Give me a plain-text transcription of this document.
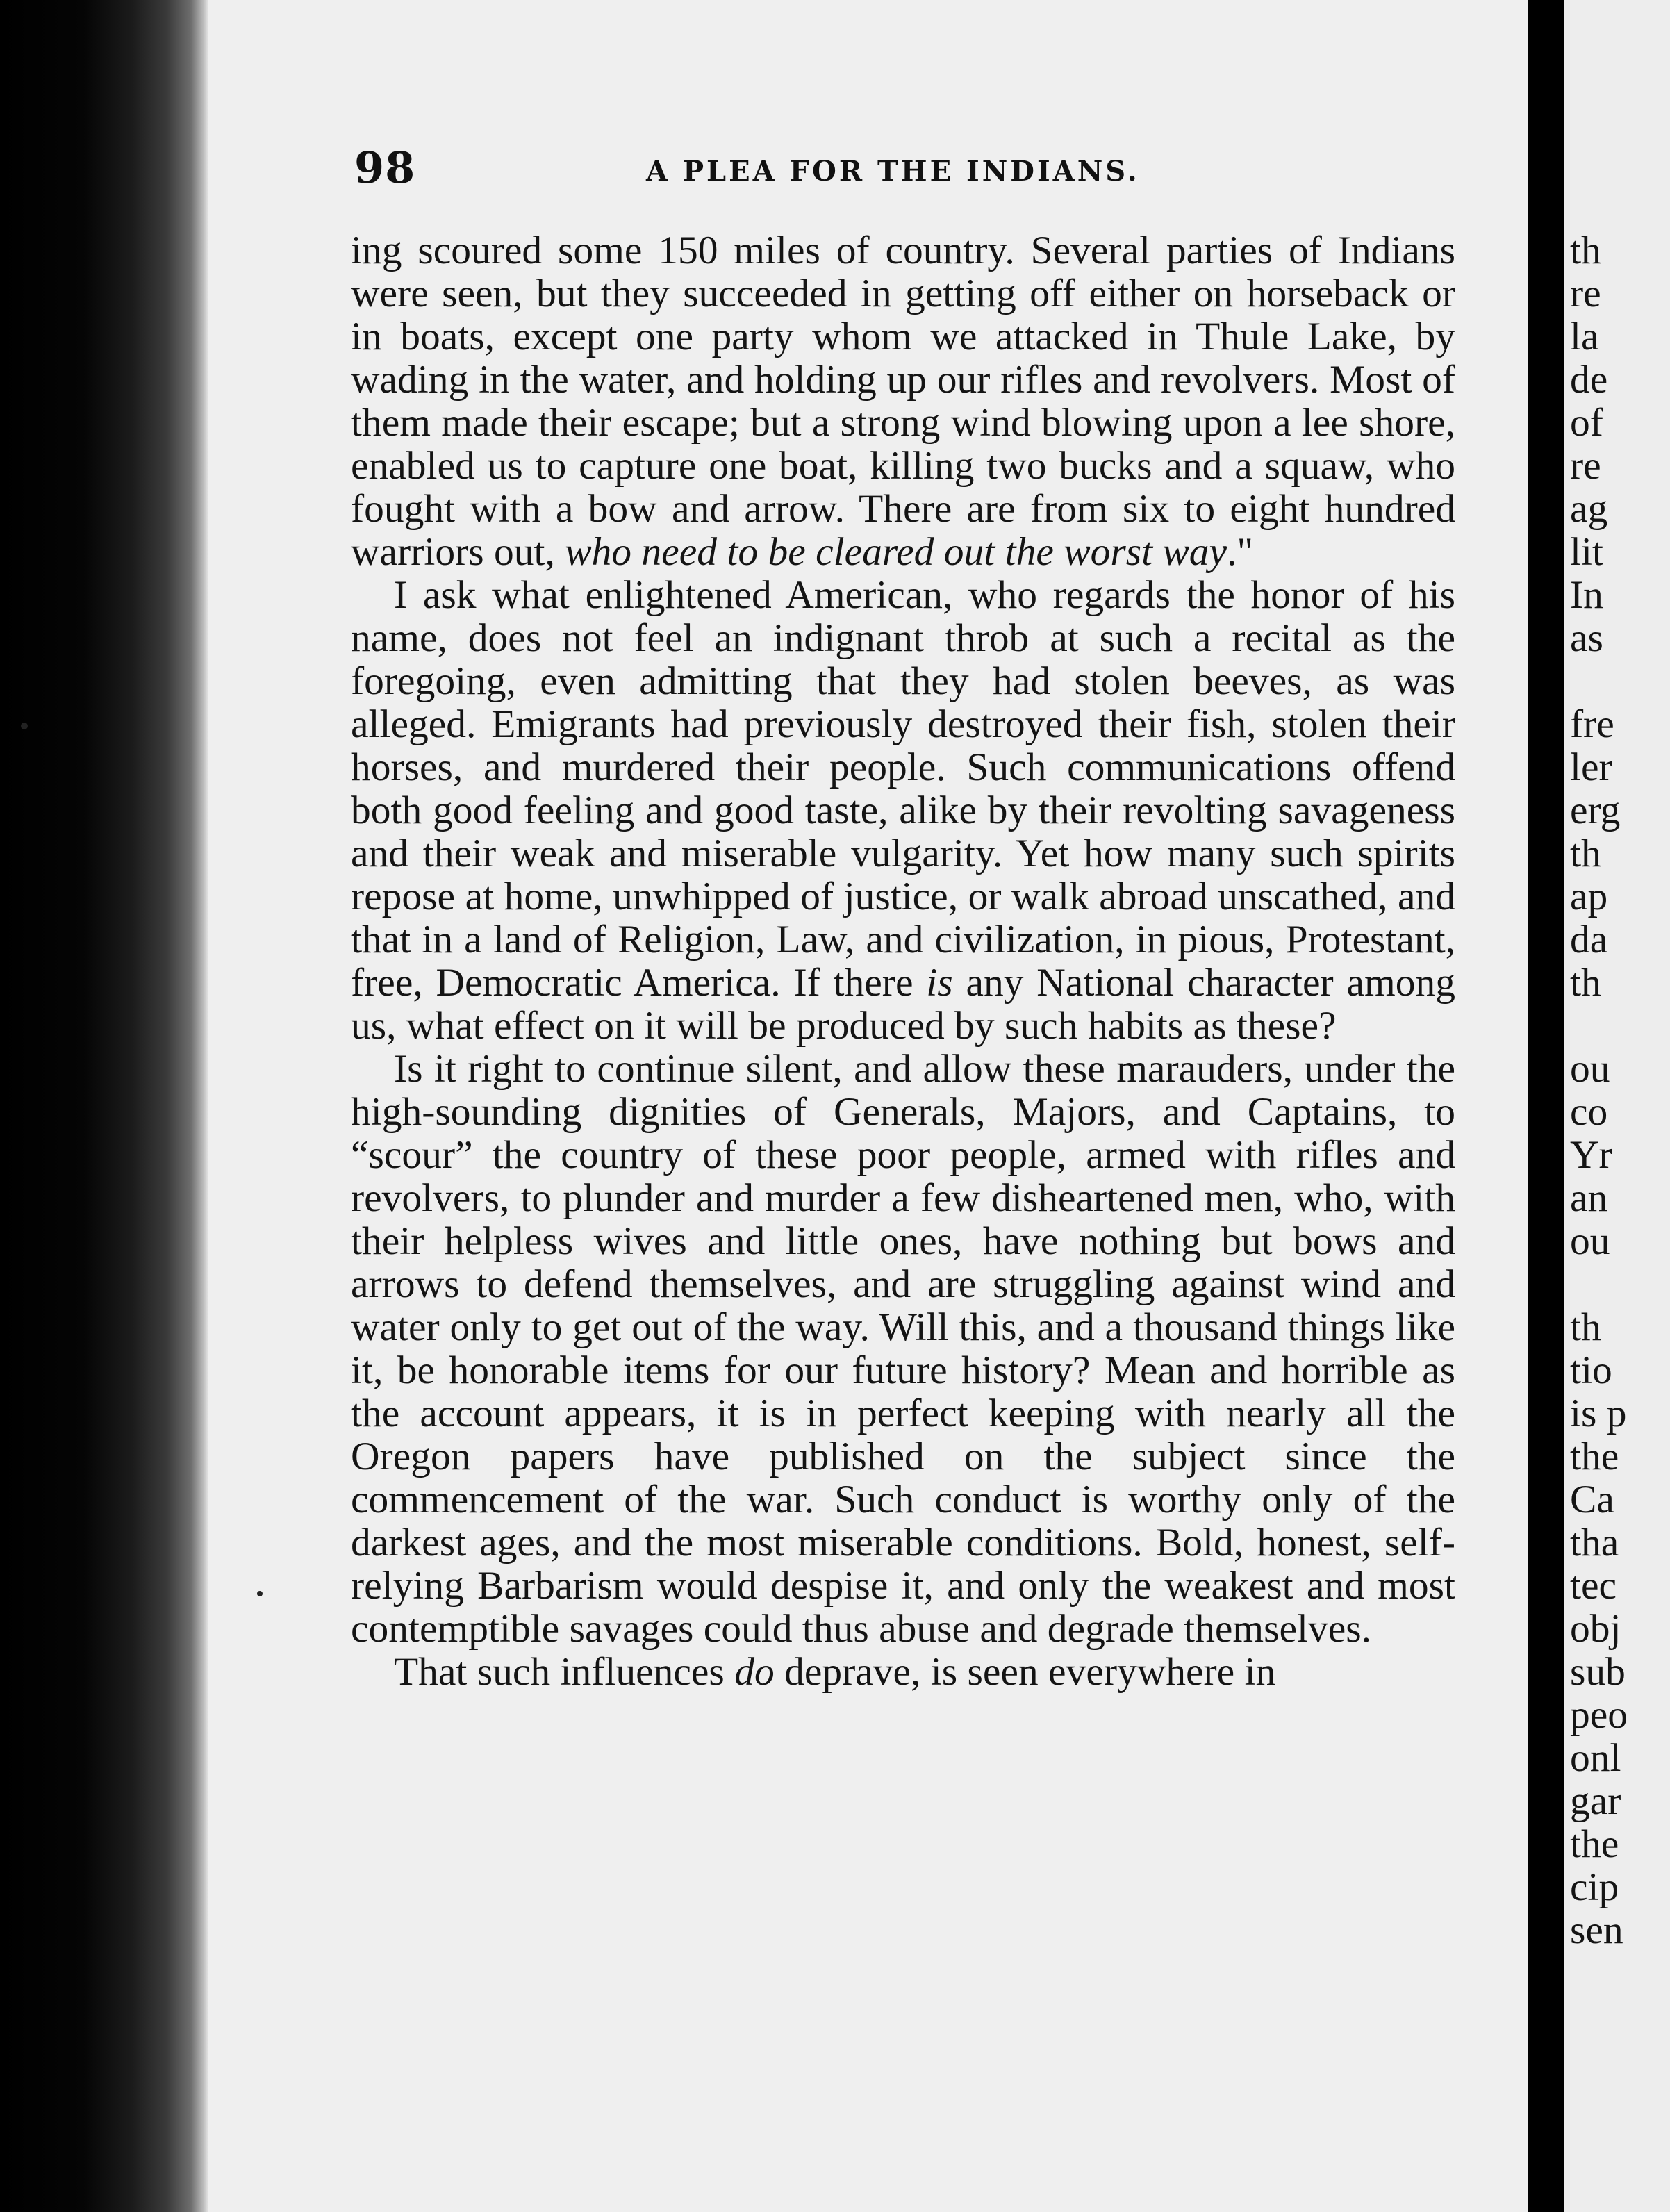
th
re
la
de
of
re
ag
lit
In
as
fre
ler
erg
th
ap
da
th
ou
co
Yr
an
ou
th
tio
is p
the
Ca
tha
tec
obj
sub
peo
onl
gar
the
cip
sen
98	A PLEA FOR THE INDIANS.

ing scoured some 150 miles of country. Several parties of Indians were seen, but they succeeded in getting off either on horseback or in boats, except one party whom we attacked in Thule Lake, by wading in the water, and holding up our rifles and revolvers. Most of them made their escape; but a strong wind blowing upon a lee shore, enabled us to capture one boat, killing two bucks and a squaw, who fought with a bow and arrow. There are from six to eight hundred warriors out, who need to be cleared out the worst way."

I ask what enlightened American, who regards the honor of his name, does not feel an indignant throb at such a recital as the foregoing, even admitting that they had stolen beeves, as was alleged. Emigrants had previously destroyed their fish, stolen their horses, and murdered their people. Such communications offend both good feeling and good taste, alike by their revolting savageness and their weak and miserable vulgarity. Yet how many such spirits repose at home, unwhipped of justice, or walk abroad unscathed, and that in a land of Religion, Law, and civilization, in pious, Protestant, free, Democratic America. If there is any National character among us, what effect on it will be produced by such habits as these?

Is it right to continue silent, and allow these marauders, under the high-sounding dignities of Generals, Majors, and Captains, to “scour” the country of these poor people, armed with rifles and revolvers, to plunder and murder a few disheartened men, who, with their helpless wives and little ones, have nothing but bows and arrows to defend themselves, and are struggling against wind and water only to get out of the way. Will this, and a thousand things like it, be honorable items for our future history? Mean and horrible as the account appears, it is in perfect keeping with nearly all the Oregon papers have published on the subject since the commencement of the war. Such conduct is worthy only of the darkest ages, and the most miserable conditions. Bold, honest, self-relying Barbarism would despise it, and only the weakest and most contemptible savages could thus abuse and degrade themselves.

That such influences do deprave, is seen everywhere in
